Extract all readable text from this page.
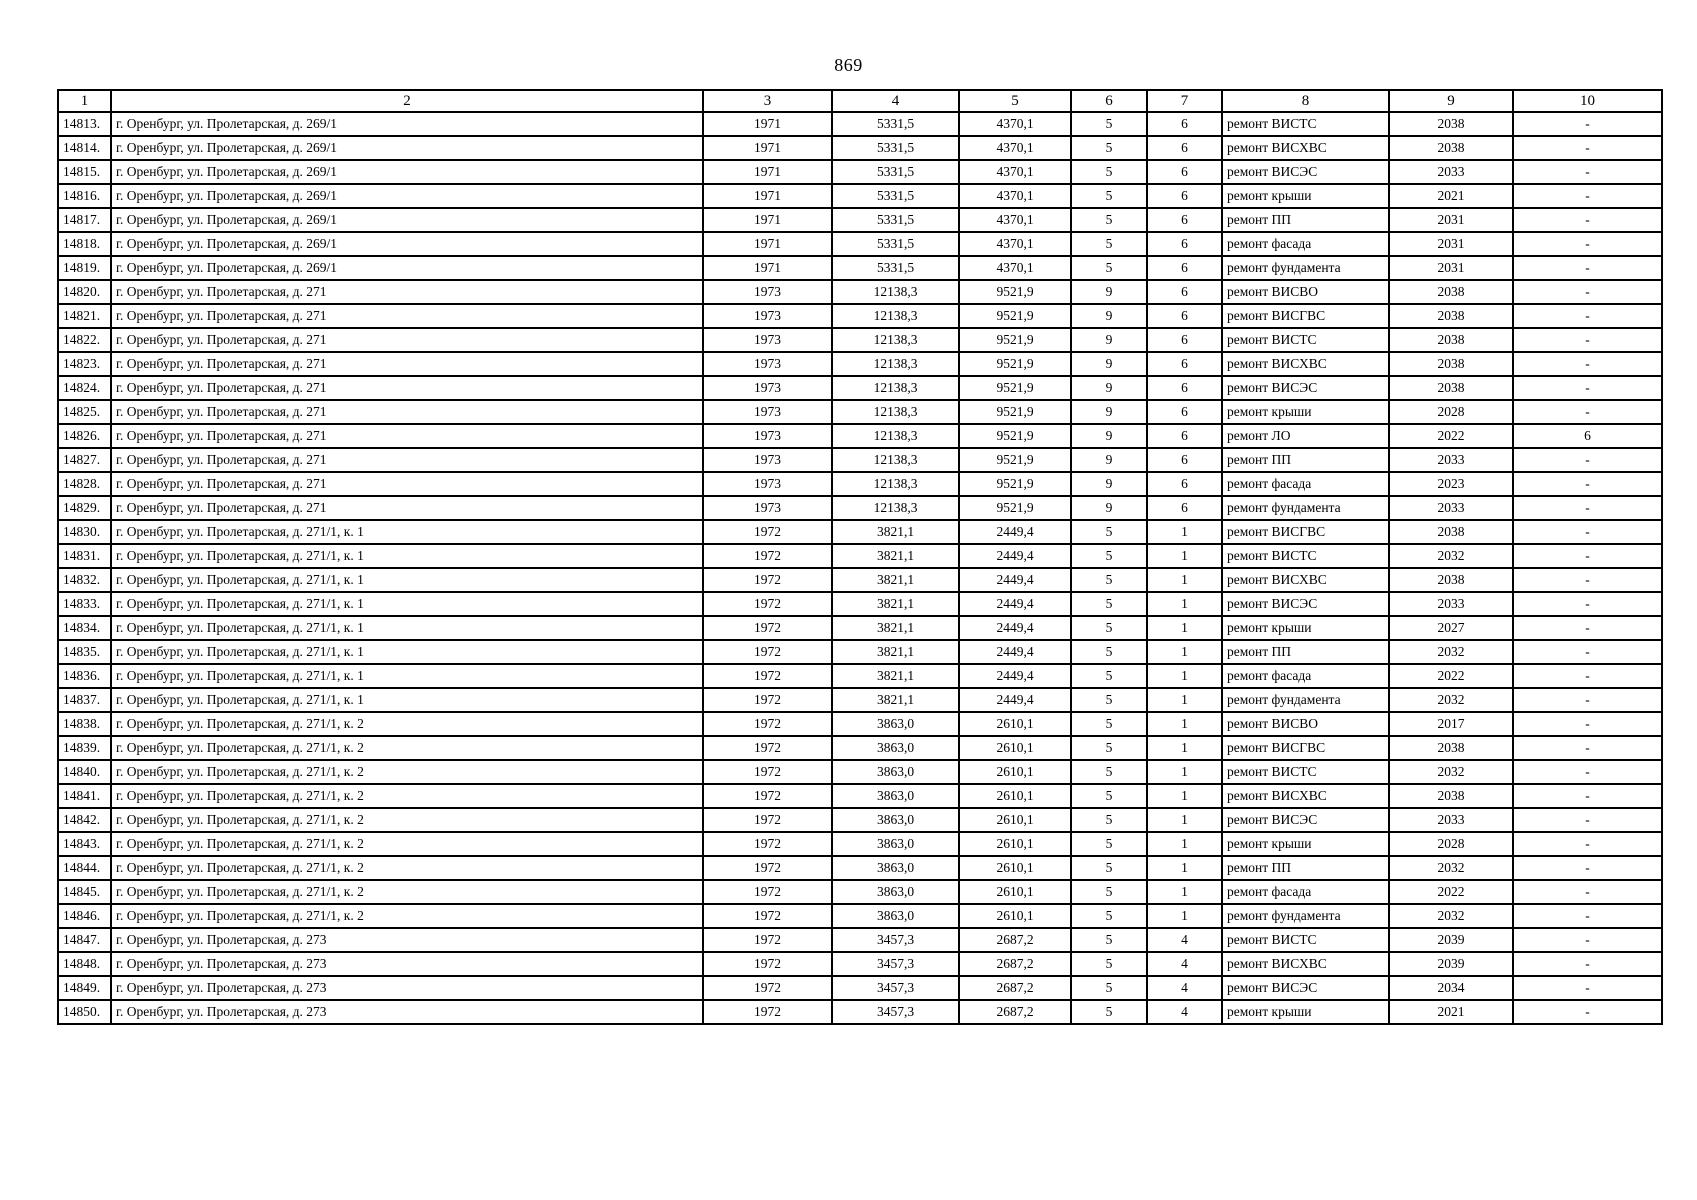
869
1	2	3	4	5	6	7	8	9	10
14813.	г. Оренбург, ул. Пролетарская, д. 269/1	1971	5331,5	4370,1	5	6	ремонт ВИСТС	2038	-
14814.	г. Оренбург, ул. Пролетарская, д. 269/1	1971	5331,5	4370,1	5	6	ремонт ВИСХВС	2038	-
14815.	г. Оренбург, ул. Пролетарская, д. 269/1	1971	5331,5	4370,1	5	6	ремонт ВИСЭС	2033	-
14816.	г. Оренбург, ул. Пролетарская, д. 269/1	1971	5331,5	4370,1	5	6	ремонт крыши	2021	-
14817.	г. Оренбург, ул. Пролетарская, д. 269/1	1971	5331,5	4370,1	5	6	ремонт ПП	2031	-
14818.	г. Оренбург, ул. Пролетарская, д. 269/1	1971	5331,5	4370,1	5	6	ремонт фасада	2031	-
14819.	г. Оренбург, ул. Пролетарская, д. 269/1	1971	5331,5	4370,1	5	6	ремонт фундамента	2031	-
14820.	г. Оренбург, ул. Пролетарская, д. 271	1973	12138,3	9521,9	9	6	ремонт ВИСВО	2038	-
14821.	г. Оренбург, ул. Пролетарская, д. 271	1973	12138,3	9521,9	9	6	ремонт ВИСГВС	2038	-
14822.	г. Оренбург, ул. Пролетарская, д. 271	1973	12138,3	9521,9	9	6	ремонт ВИСТС	2038	-
14823.	г. Оренбург, ул. Пролетарская, д. 271	1973	12138,3	9521,9	9	6	ремонт ВИСХВС	2038	-
14824.	г. Оренбург, ул. Пролетарская, д. 271	1973	12138,3	9521,9	9	6	ремонт ВИСЭС	2038	-
14825.	г. Оренбург, ул. Пролетарская, д. 271	1973	12138,3	9521,9	9	6	ремонт крыши	2028	-
14826.	г. Оренбург, ул. Пролетарская, д. 271	1973	12138,3	9521,9	9	6	ремонт ЛО	2022	6
14827.	г. Оренбург, ул. Пролетарская, д. 271	1973	12138,3	9521,9	9	6	ремонт ПП	2033	-
14828.	г. Оренбург, ул. Пролетарская, д. 271	1973	12138,3	9521,9	9	6	ремонт фасада	2023	-
14829.	г. Оренбург, ул. Пролетарская, д. 271	1973	12138,3	9521,9	9	6	ремонт фундамента	2033	-
14830.	г. Оренбург, ул. Пролетарская, д. 271/1, к. 1	1972	3821,1	2449,4	5	1	ремонт ВИСГВС	2038	-
14831.	г. Оренбург, ул. Пролетарская, д. 271/1, к. 1	1972	3821,1	2449,4	5	1	ремонт ВИСТС	2032	-
14832.	г. Оренбург, ул. Пролетарская, д. 271/1, к. 1	1972	3821,1	2449,4	5	1	ремонт ВИСХВС	2038	-
14833.	г. Оренбург, ул. Пролетарская, д. 271/1, к. 1	1972	3821,1	2449,4	5	1	ремонт ВИСЭС	2033	-
14834.	г. Оренбург, ул. Пролетарская, д. 271/1, к. 1	1972	3821,1	2449,4	5	1	ремонт крыши	2027	-
14835.	г. Оренбург, ул. Пролетарская, д. 271/1, к. 1	1972	3821,1	2449,4	5	1	ремонт ПП	2032	-
14836.	г. Оренбург, ул. Пролетарская, д. 271/1, к. 1	1972	3821,1	2449,4	5	1	ремонт фасада	2022	-
14837.	г. Оренбург, ул. Пролетарская, д. 271/1, к. 1	1972	3821,1	2449,4	5	1	ремонт фундамента	2032	-
14838.	г. Оренбург, ул. Пролетарская, д. 271/1, к. 2	1972	3863,0	2610,1	5	1	ремонт ВИСВО	2017	-
14839.	г. Оренбург, ул. Пролетарская, д. 271/1, к. 2	1972	3863,0	2610,1	5	1	ремонт ВИСГВС	2038	-
14840.	г. Оренбург, ул. Пролетарская, д. 271/1, к. 2	1972	3863,0	2610,1	5	1	ремонт ВИСТС	2032	-
14841.	г. Оренбург, ул. Пролетарская, д. 271/1, к. 2	1972	3863,0	2610,1	5	1	ремонт ВИСХВС	2038	-
14842.	г. Оренбург, ул. Пролетарская, д. 271/1, к. 2	1972	3863,0	2610,1	5	1	ремонт ВИСЭС	2033	-
14843.	г. Оренбург, ул. Пролетарская, д. 271/1, к. 2	1972	3863,0	2610,1	5	1	ремонт крыши	2028	-
14844.	г. Оренбург, ул. Пролетарская, д. 271/1, к. 2	1972	3863,0	2610,1	5	1	ремонт ПП	2032	-
14845.	г. Оренбург, ул. Пролетарская, д. 271/1, к. 2	1972	3863,0	2610,1	5	1	ремонт фасада	2022	-
14846.	г. Оренбург, ул. Пролетарская, д. 271/1, к. 2	1972	3863,0	2610,1	5	1	ремонт фундамента	2032	-
14847.	г. Оренбург, ул. Пролетарская, д. 273	1972	3457,3	2687,2	5	4	ремонт ВИСТС	2039	-
14848.	г. Оренбург, ул. Пролетарская, д. 273	1972	3457,3	2687,2	5	4	ремонт ВИСХВС	2039	-
14849.	г. Оренбург, ул. Пролетарская, д. 273	1972	3457,3	2687,2	5	4	ремонт ВИСЭС	2034	-
14850.	г. Оренбург, ул. Пролетарская, д. 273	1972	3457,3	2687,2	5	4	ремонт крыши	2021	-
